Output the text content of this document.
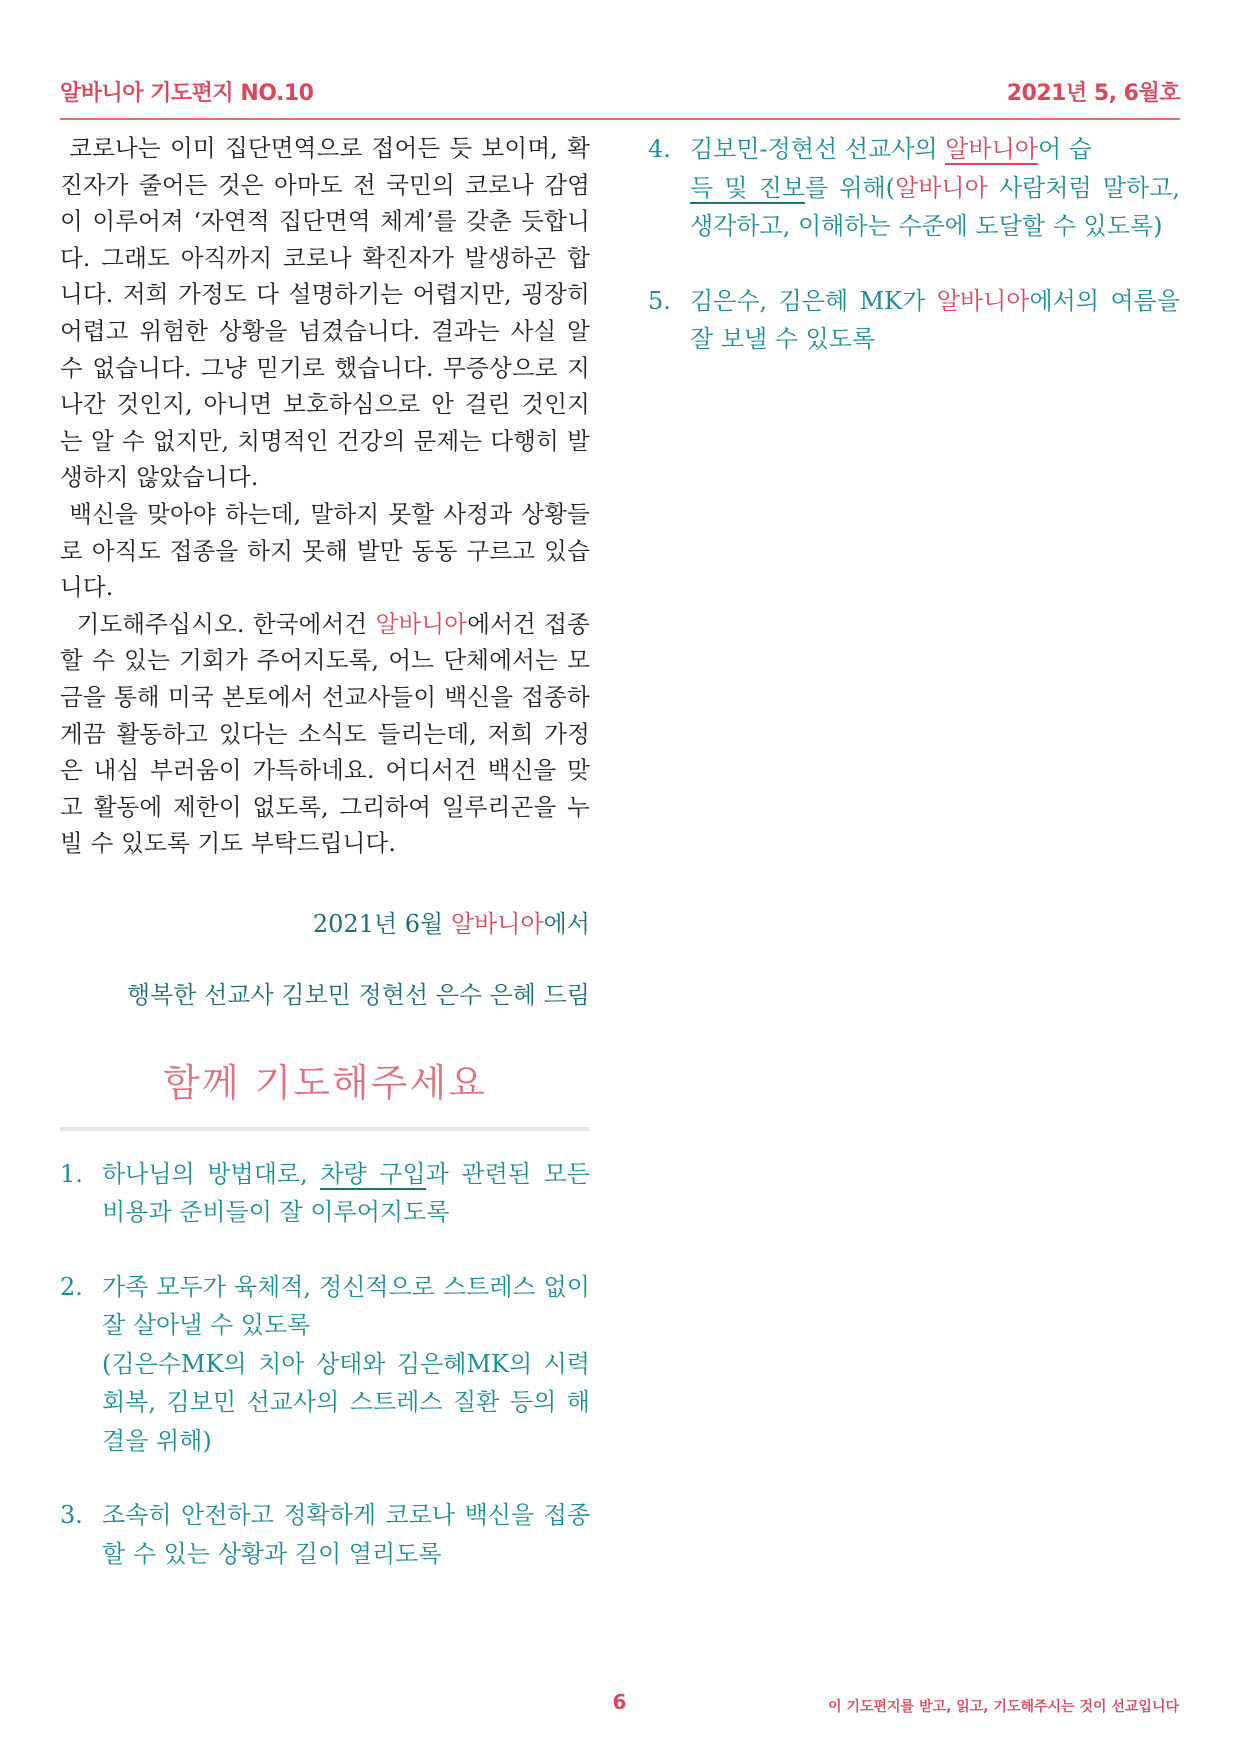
알바니아 기도편지 NO.10	2021년 5, 6월호

코로나는 이미 집단면역으로 접어든 듯 보이며, 확진자가 줄어든 것은 아마도 전 국민의 코로나 감염이 이루어져 ‘자연적 집단면역 체계’를 갖춘 듯합니다. 그래도 아직까지 코로나 확진자가 발생하곤 합니다. 저희 가정도 다 설명하기는 어렵지만, 굉장히 어렵고 위험한 상황을 넘겼습니다. 결과는 사실 알 수 없습니다. 그냥 믿기로 했습니다. 무증상으로 지나간 것인지, 아니면 보호하심으로 안 걸린 것인지는 알 수 없지만, 치명적인 건강의 문제는 다행히 발생하지 않았습니다.

백신을 맞아야 하는데, 말하지 못할 사정과 상황들로 아직도 접종을 하지 못해 발만 동동 구르고 있습니다.

기도해주십시오. 한국에서건 알바니아에서건 접종할 수 있는 기회가 주어지도록, 어느 단체에서는 모금을 통해 미국 본토에서 선교사들이 백신을 접종하게끔 활동하고 있다는 소식도 들리는데, 저희 가정은 내심 부러움이 가득하네요. 어디서건 백신을 맞고 활동에 제한이 없도록, 그리하여 일루리곤을 누빌 수 있도록 기도 부탁드립니다.

2021년 6월 알바니아에서
행복한 선교사 김보민 정현선 은수 은혜 드림
함께 기도해주세요
1. 하나님의 방법대로, 차량 구입과 관련된 모든 비용과 준비들이 잘 이루어지도록
2. 가족 모두가 육체적, 정신적으로 스트레스 없이 잘 살아낼 수 있도록
(김은수MK의 치아 상태와 김은혜MK의 시력 회복, 김보민 선교사의 스트레스 질환 등의 해결을 위해)
3. 조속히 안전하고 정확하게 코로나 백신을 접종할 수 있는 상황과 길이 열리도록
4. 김보민-정현선 선교사의 알바니아어 습
득 및 진보를 위해(알바니아 사람처럼 말하고, 생각하고, 이해하는 수준에 도달할 수 있도록)
5. 김은수, 김은혜 MK가 알바니아에서의 여름을 잘 보낼 수 있도록
6	이 기도편지를 받고, 읽고, 기도해주시는 것이 선교입니다
